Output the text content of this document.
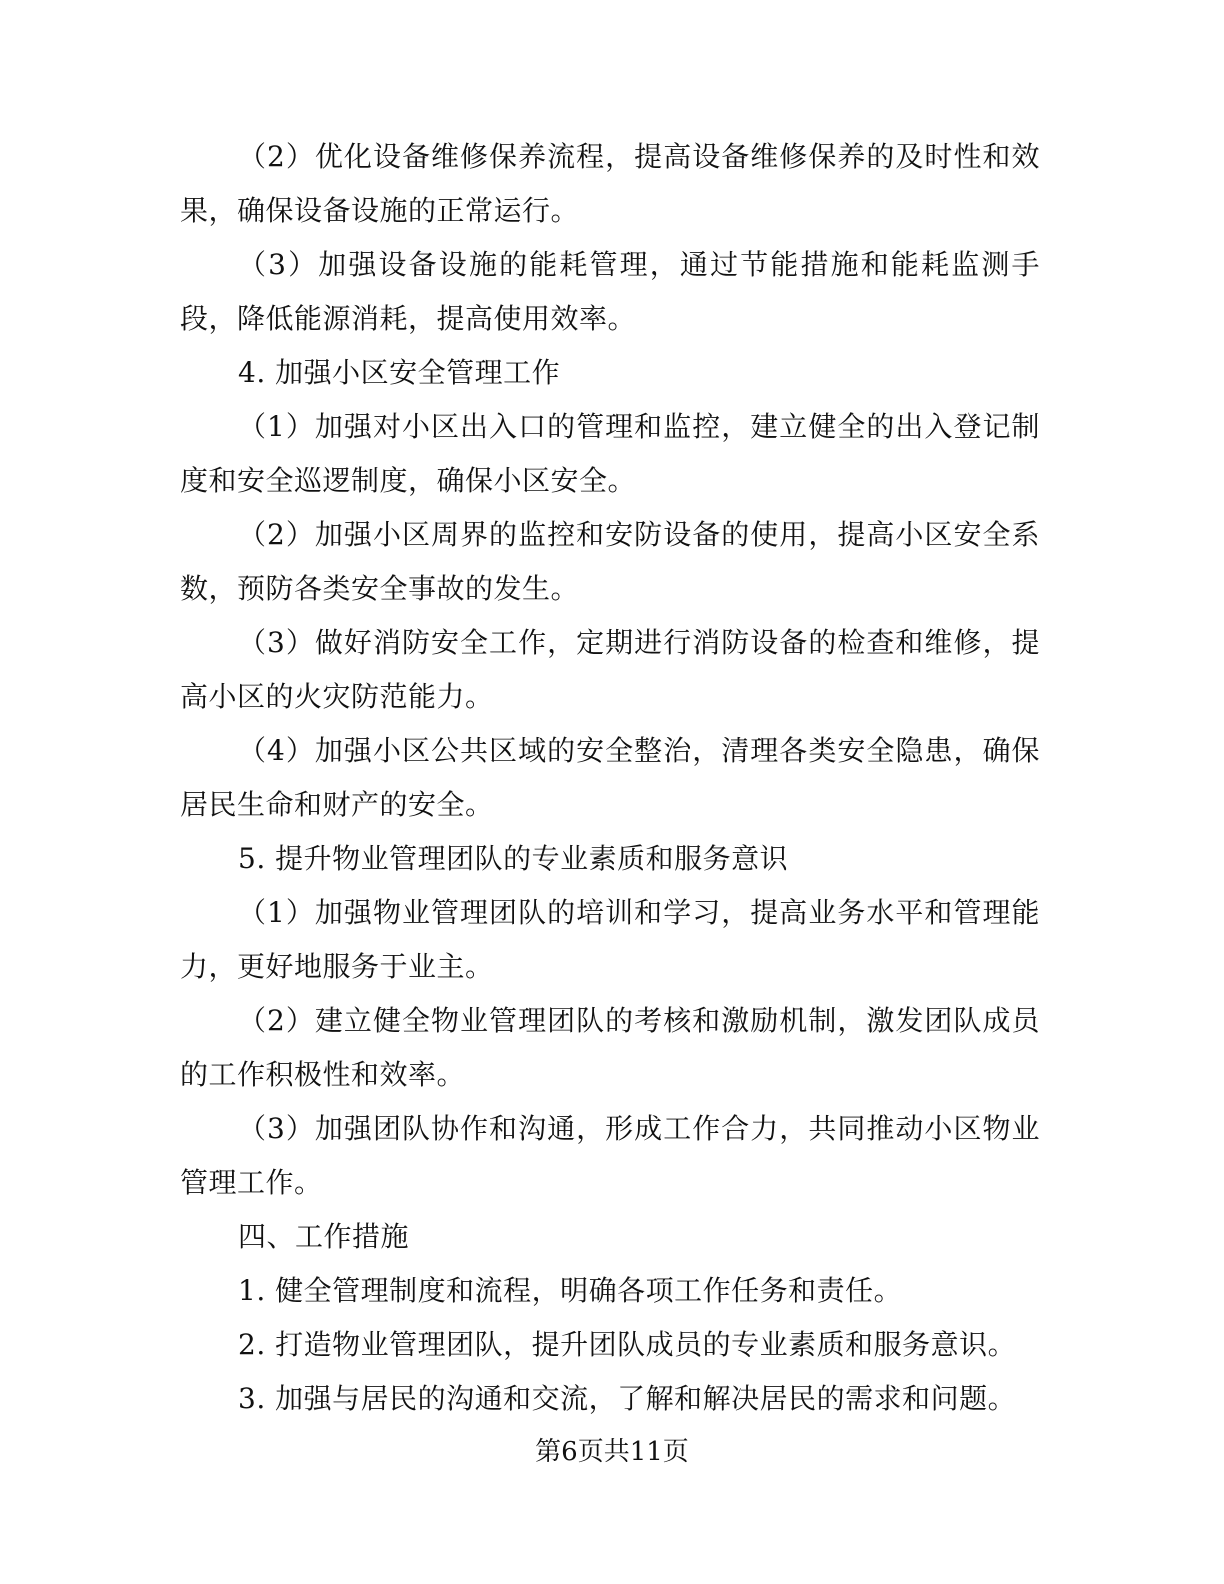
（2）优化设备维修保养流程，提高设备维修保养的及时性和效果，确保设备设施的正常运行。

（3）加强设备设施的能耗管理，通过节能措施和能耗监测手段，降低能源消耗，提高使用效率。

4. 加强小区安全管理工作

（1）加强对小区出入口的管理和监控，建立健全的出入登记制度和安全巡逻制度，确保小区安全。

（2）加强小区周界的监控和安防设备的使用，提高小区安全系数，预防各类安全事故的发生。

（3）做好消防安全工作，定期进行消防设备的检查和维修，提高小区的火灾防范能力。

（4）加强小区公共区域的安全整治，清理各类安全隐患，确保居民生命和财产的安全。

5. 提升物业管理团队的专业素质和服务意识

（1）加强物业管理团队的培训和学习，提高业务水平和管理能力，更好地服务于业主。

（2）建立健全物业管理团队的考核和激励机制，激发团队成员的工作积极性和效率。

（3）加强团队协作和沟通，形成工作合力，共同推动小区物业管理工作。

四、工作措施

1. 健全管理制度和流程，明确各项工作任务和责任。

2. 打造物业管理团队，提升团队成员的专业素质和服务意识。

3. 加强与居民的沟通和交流，了解和解决居民的需求和问题。

第6页共11页
